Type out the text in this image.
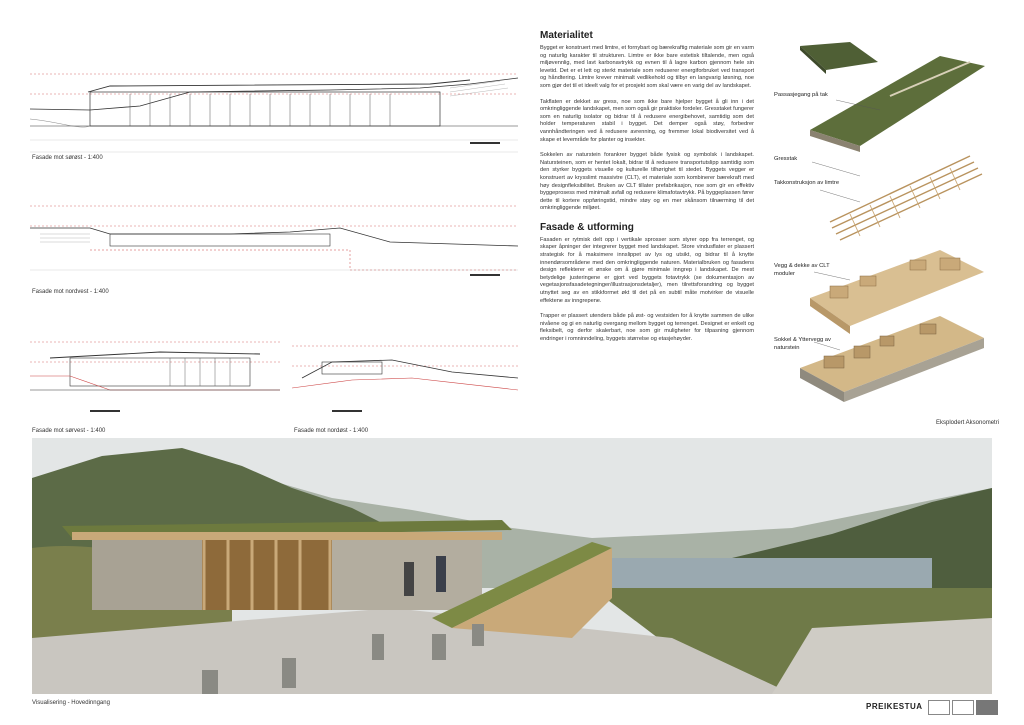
Fasade mot sørøst - 1:400
Fasade mot nordvest - 1:400
Fasade mot sørvest - 1:400	Fasade mot nordøst - 1:400
Materialitet
Bygget er konstruert med limtre, et fornybart og bærekraftig materiale som gir en varm og naturlig karakter til strukturen. Limtre er ikke bare estetisk tiltalende, men også miljøvennlig, med lavt karbonavtrykk og evnen til å lagre karbon gjennom hele sin levetid. Det er et lett og sterkt materiale som reduserer energiforbruket ved transport og håndtering. Limtre krever minimalt vedlikehold og tilbyr en langvarig løsning, noe som gjør det til et ideelt valg for et prosjekt som skal være en varig del av landskapet.
Takflaten er dekket av gress, noe som ikke bare hjelper bygget å gli inn i det omkringliggende landskapet, men som også gir praktiske fordeler. Gresstaket fungerer som en naturlig isolator og bidrar til å redusere energibehovet, samtidig som det holder temperaturen stabil i bygget. Det demper også støy, forbedrer vannhåndteringen ved å redusere avrenning, og fremmer lokal biodiversitet ved å skape et levemråde for planter og insekter.
Sokkelen av naturstein forankrer bygget både fysisk og symbolsk i landskapet. Natursteinen, som er hentet lokalt, bidrar til å redusere transportutslipp samtidig som den styrker byggets visuelle og kulturelle tilhørighet til stedet. Byggets vegger er konstruert av krysslimt massivtre (CLT), et materiale som kombinerer bærekraft med høy designfleksibilitet. Bruken av CLT tillater prefabrikasjon, noe som gir en effektiv byggeprosess med minimalt avfall og redusere klimafotavtrykk. På byggeplassen fører dette til kortere oppføringstid, mindre støy og en mer skånsom tilnærming til det omkringliggende miljøet.
Fasade & utforming
Fasaden er rytmisk delt opp i vertikale sprosser som styrer opp fra terrenget, og skaper åpninger der integrerer bygget med landskapet. Store vindusflater er plassert strategisk for å maksimere innslippet av lys og utsikt, og bidrar til å knytte innendørsområdene med den omkringliggende naturen. Materialbruken og fasadens design reflekterer et ønske om å gjøre minimale inngrep i landskapet. De mest betydelige justeringene er gjort ved byggets fotavtrykk (se dokumentasjon av vegetasjonsfasadetegninger/illustrasjonsdetaljer), men tilrettsforandring og bygget utnyttet seg av en stikkformet økt til det på en subtil måte motvirker de visuelle effektene av inngrepene.
Trapper er plassert utenders både på øst- og vestsiden for å knytte sammen de ulike nivåene og gi en naturlig overgang mellom bygget og terrenget. Designet er enkelt og fleksibelt, og derfor skalerbart, noe som gir muligheter for tilpasning gjennom endringer i romninndeling, byggets størrelse og etasjehøyder.
Passasjegang på tak
Gresstak
Takkonstruksjon av limtre
Vegg & dekke av CLT moduler
Sokkel & Yttervegg av naturstein
Eksplodert Aksonometri
Visualisering - Hovedinngang	PREIKESTUA
